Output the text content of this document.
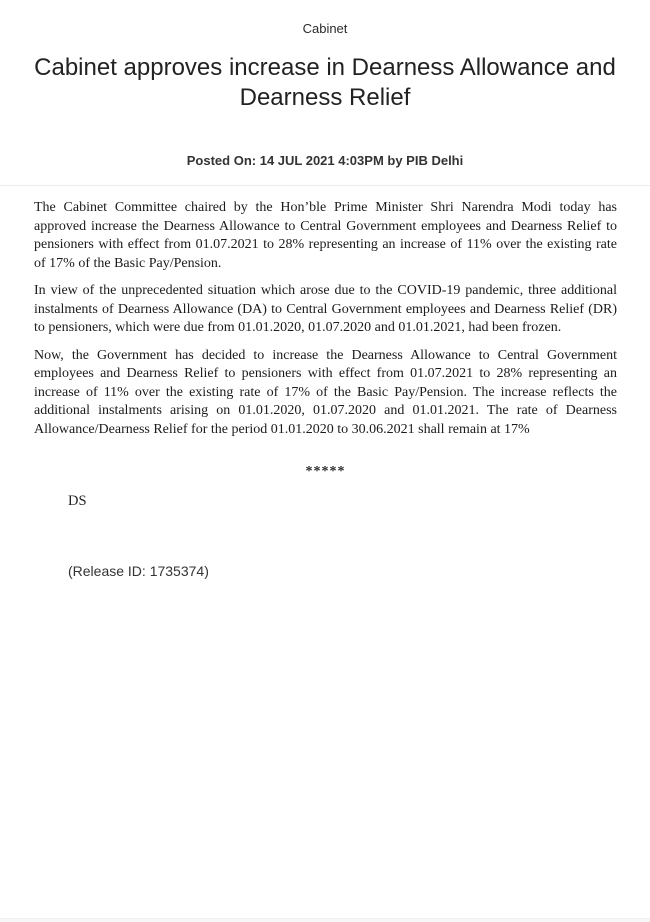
Cabinet
Cabinet approves increase in Dearness Allowance and Dearness Relief
Posted On: 14 JUL 2021 4:03PM by PIB Delhi

The Cabinet Committee chaired by the Hon’ble Prime Minister Shri Narendra Modi today has approved increase the Dearness Allowance to Central Government employees and Dearness Relief to pensioners with effect from 01.07.2021 to 28% representing an increase of 11% over the existing rate of 17% of the Basic Pay/Pension.

In view of the unprecedented situation which arose due to the COVID-19 pandemic, three additional instalments of Dearness Allowance (DA) to Central Government employees and Dearness Relief (DR) to pensioners, which were due from 01.01.2020, 01.07.2020 and 01.01.2021, had been frozen.

Now, the Government has decided to increase the Dearness Allowance to Central Government employees and Dearness Relief to pensioners with effect from 01.07.2021 to 28% representing an increase of 11% over the existing rate of 17% of the Basic Pay/Pension. The increase reflects the additional instalments arising on 01.01.2020, 01.07.2020 and 01.01.2021. The rate of Dearness Allowance/Dearness Relief for the period 01.01.2020 to 30.06.2021 shall remain at 17%

*****
DS
(Release ID: 1735374)
